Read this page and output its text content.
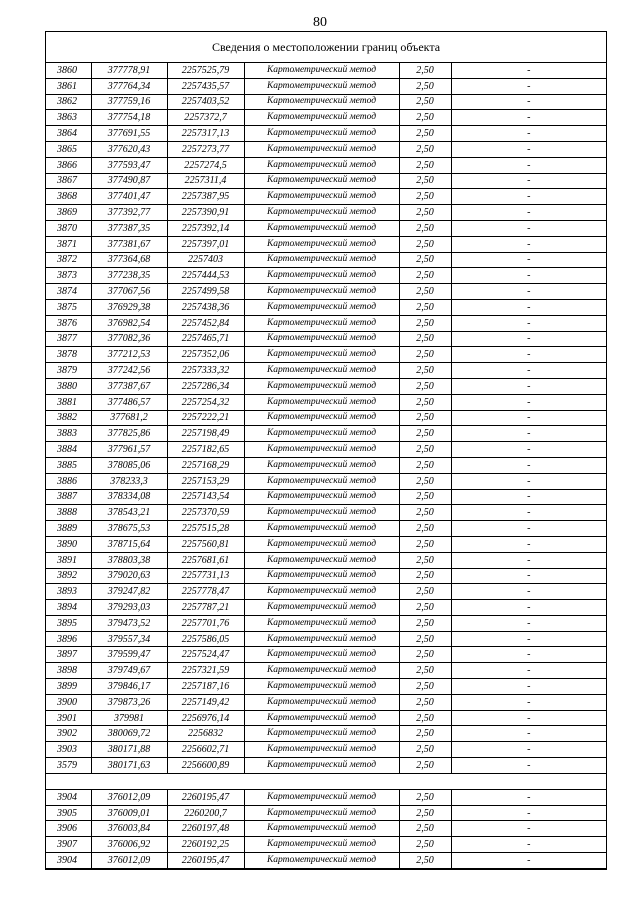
80
Сведения о местоположении границ объекта
3860	377778,91	2257525,79	Картометрический метод	2,50	-
3861	377764,34	2257435,57	Картометрический метод	2,50	-
3862	377759,16	2257403,52	Картометрический метод	2,50	-
3863	377754,18	2257372,7	Картометрический метод	2,50	-
3864	377691,55	2257317,13	Картометрический метод	2,50	-
3865	377620,43	2257273,77	Картометрический метод	2,50	-
3866	377593,47	2257274,5	Картометрический метод	2,50	-
3867	377490,87	2257311,4	Картометрический метод	2,50	-
3868	377401,47	2257387,95	Картометрический метод	2,50	-
3869	377392,77	2257390,91	Картометрический метод	2,50	-
3870	377387,35	2257392,14	Картометрический метод	2,50	-
3871	377381,67	2257397,01	Картометрический метод	2,50	-
3872	377364,68	2257403	Картометрический метод	2,50	-
3873	377238,35	2257444,53	Картометрический метод	2,50	-
3874	377067,56	2257499,58	Картометрический метод	2,50	-
3875	376929,38	2257438,36	Картометрический метод	2,50	-
3876	376982,54	2257452,84	Картометрический метод	2,50	-
3877	377082,36	2257465,71	Картометрический метод	2,50	-
3878	377212,53	2257352,06	Картометрический метод	2,50	-
3879	377242,56	2257333,32	Картометрический метод	2,50	-
3880	377387,67	2257286,34	Картометрический метод	2,50	-
3881	377486,57	2257254,32	Картометрический метод	2,50	-
3882	377681,2	2257222,21	Картометрический метод	2,50	-
3883	377825,86	2257198,49	Картометрический метод	2,50	-
3884	377961,57	2257182,65	Картометрический метод	2,50	-
3885	378085,06	2257168,29	Картометрический метод	2,50	-
3886	378233,3	2257153,29	Картометрический метод	2,50	-
3887	378334,08	2257143,54	Картометрический метод	2,50	-
3888	378543,21	2257370,59	Картометрический метод	2,50	-
3889	378675,53	2257515,28	Картометрический метод	2,50	-
3890	378715,64	2257560,81	Картометрический метод	2,50	-
3891	378803,38	2257681,61	Картометрический метод	2,50	-
3892	379020,63	2257731,13	Картометрический метод	2,50	-
3893	379247,82	2257778,47	Картометрический метод	2,50	-
3894	379293,03	2257787,21	Картометрический метод	2,50	-
3895	379473,52	2257701,76	Картометрический метод	2,50	-
3896	379557,34	2257586,05	Картометрический метод	2,50	-
3897	379599,47	2257524,47	Картометрический метод	2,50	-
3898	379749,67	2257321,59	Картометрический метод	2,50	-
3899	379846,17	2257187,16	Картометрический метод	2,50	-
3900	379873,26	2257149,42	Картометрический метод	2,50	-
3901	379981	2256976,14	Картометрический метод	2,50	-
3902	380069,72	2256832	Картометрический метод	2,50	-
3903	380171,88	2256602,71	Картометрический метод	2,50	-
3579	380171,63	2256600,89	Картометрический метод	2,50	-

3904	376012,09	2260195,47	Картометрический метод	2,50	-
3905	376009,01	2260200,7	Картометрический метод	2,50	-
3906	376003,84	2260197,48	Картометрический метод	2,50	-
3907	376006,92	2260192,25	Картометрический метод	2,50	-
3904	376012,09	2260195,47	Картометрический метод	2,50	-
